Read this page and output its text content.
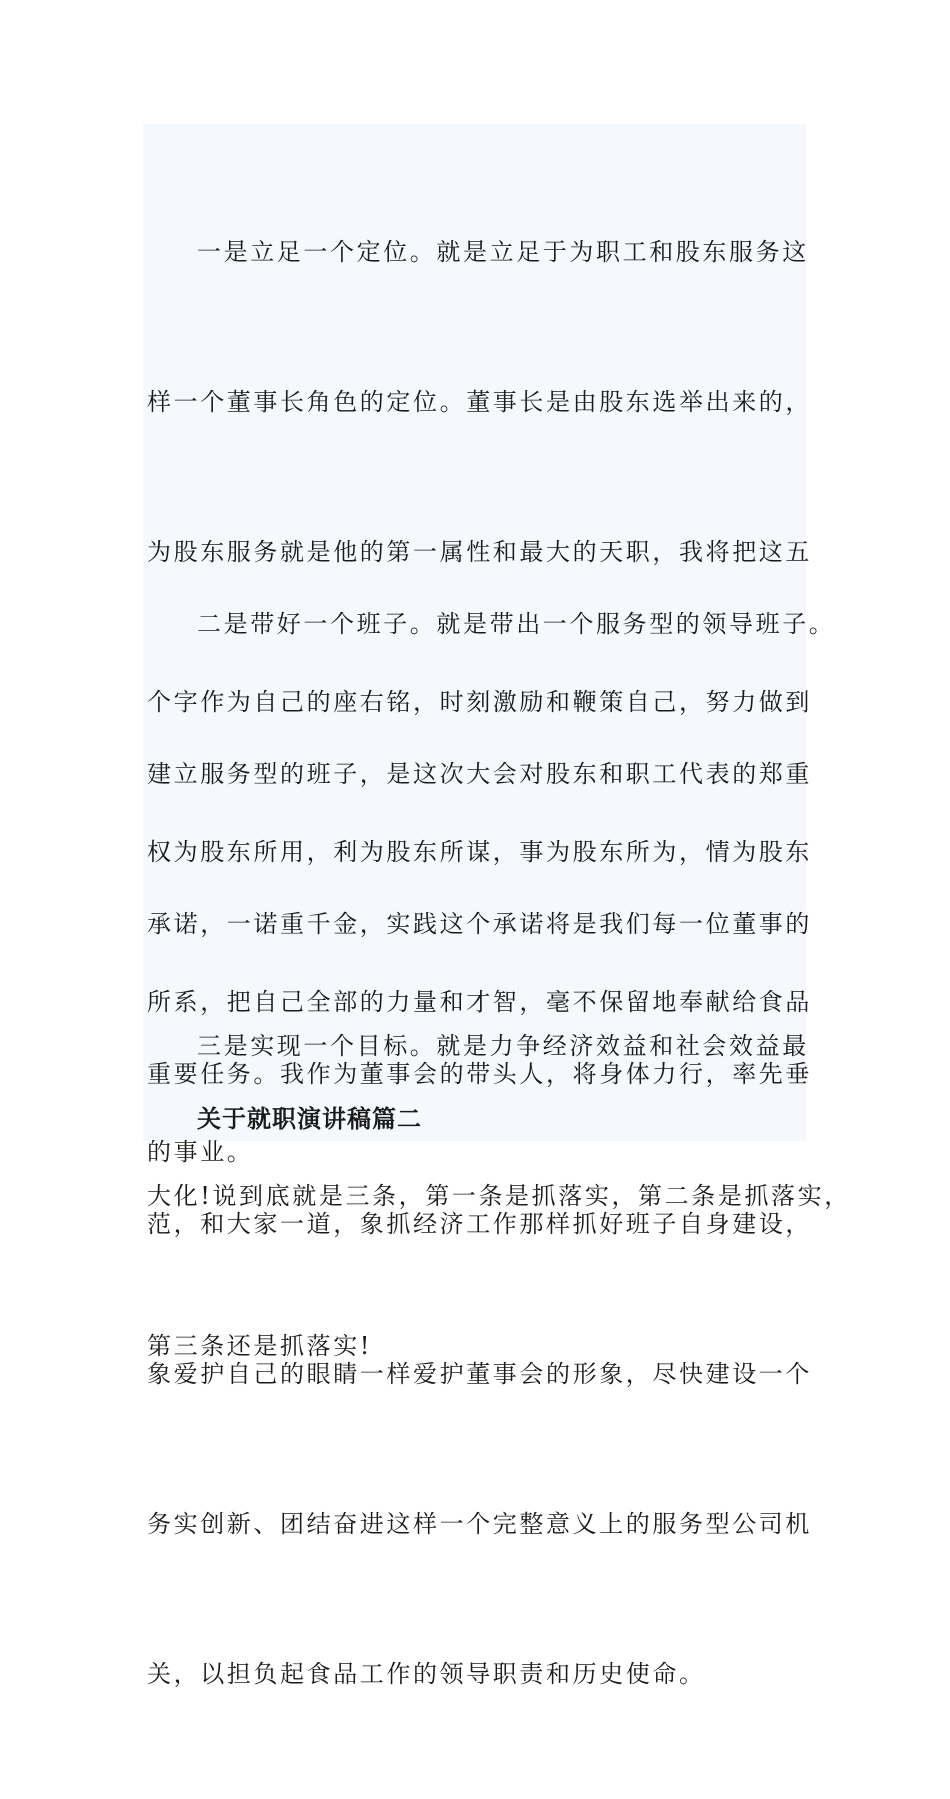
一是立足一个定位。就是立足于为职工和股东服务这

样一个董事长角色的定位。董事长是由股东选举出来的，

为股东服务就是他的第一属性和最大的天职，我将把这五

个字作为自己的座右铭，时刻激励和鞭策自己，努力做到

权为股东所用，利为股东所谋，事为股东所为，情为股东

所系，把自己全部的力量和才智，毫不保留地奉献给食品

的事业。

二是带好一个班子。就是带出一个服务型的领导班子。

建立服务型的班子，是这次大会对股东和职工代表的郑重

承诺，一诺重千金，实践这个承诺将是我们每一位董事的

重要任务。我作为董事会的带头人，将身体力行，率先垂

范，和大家一道，象抓经济工作那样抓好班子自身建设，

象爱护自己的眼睛一样爱护董事会的形象，尽快建设一个

务实创新、团结奋进这样一个完整意义上的服务型公司机

关，以担负起食品工作的领导职责和历史使命。

三是实现一个目标。就是力争经济效益和社会效益最

大化!说到底就是三条，第一条是抓落实，第二条是抓落实，

第三条还是抓落实!

关于就职演讲稿篇二
